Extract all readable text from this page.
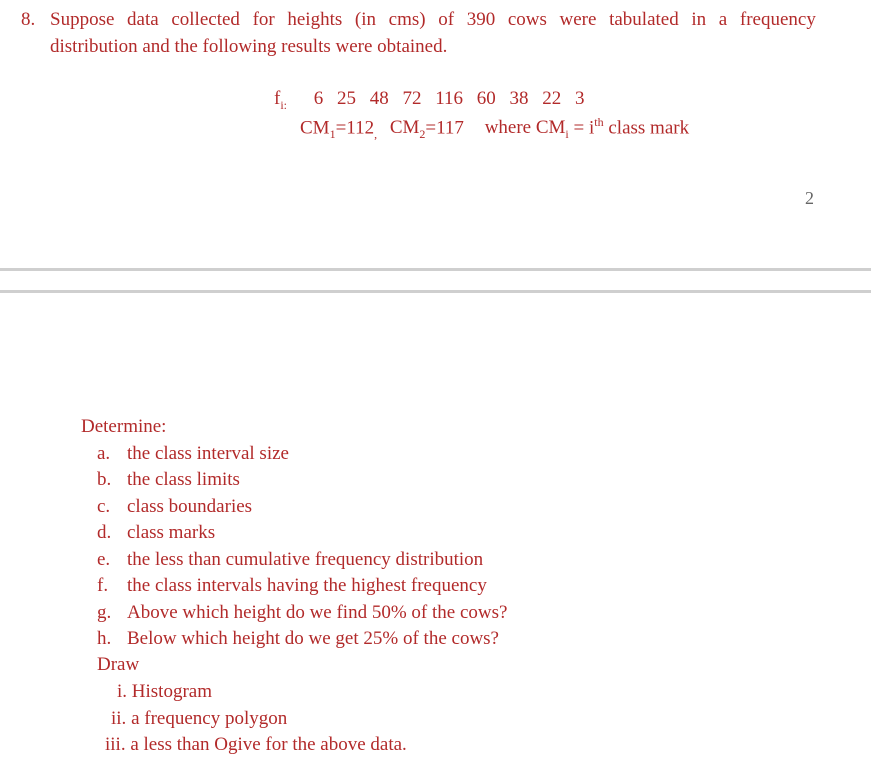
8. Suppose data collected for heights (in cms) of 390 cows were tabulated in a frequency
distribution and the following results were obtained.
$f_{i:}$ 6 25 48 72 116 60 38 22 3
$CM_1=112_,$ $CM_2=117$ where $CM_i = i^{th}$ class mark
2
Determine:
a. the class interval size
b. the class limits
c. class boundaries
d. class marks
e. the less than cumulative frequency distribution
f. the class intervals having the highest frequency
g. Above which height do we find 50% of the cows?
h. Below which height do we get 25% of the cows?
Draw
i. Histogram
ii. a frequency polygon
iii. a less than Ogive for the above data.
